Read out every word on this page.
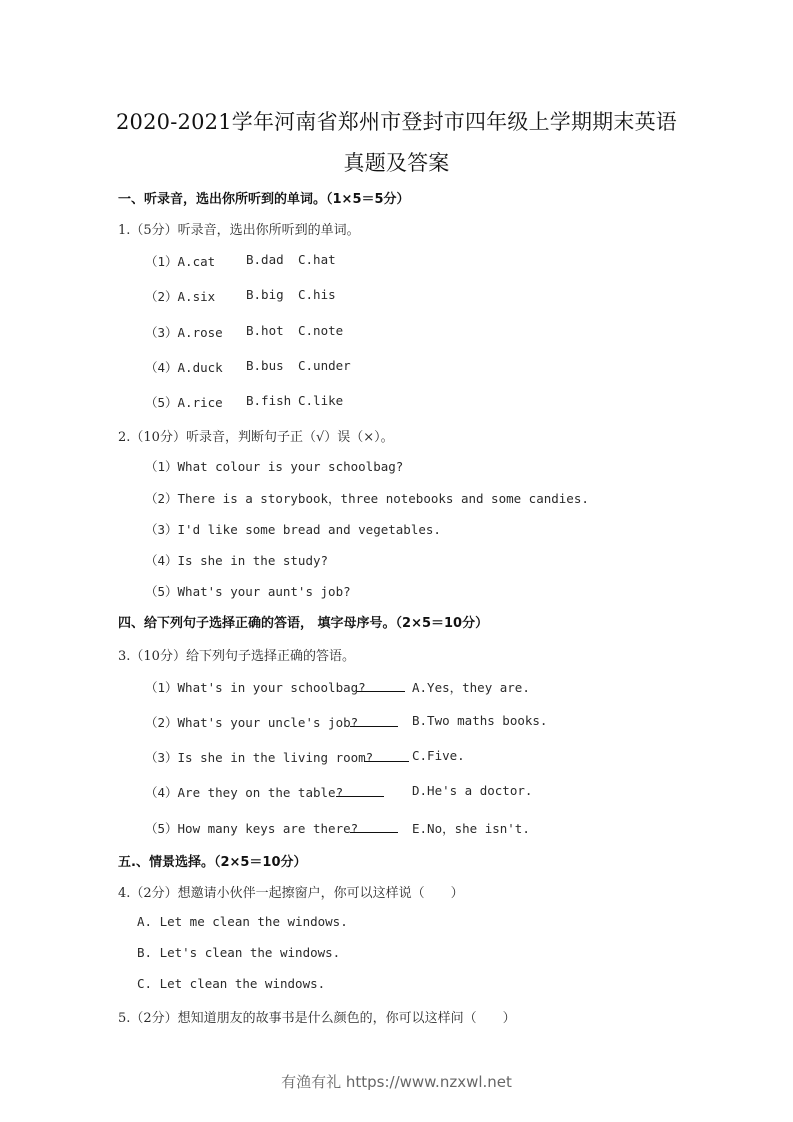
2020-2021学年河南省郑州市登封市四年级上学期期末英语
真题及答案
一、听录音，选出你所听到的单词。（1×5＝5分）
1.（5分）听录音，选出你所听到的单词。
（1）A.cat B.dad C.hat
（2）A.six B.big C.his
（3）A.rose B.hot C.note
（4）A.duck B.bus C.under
（5）A.rice B.fish C.like
2.（10分）听录音，判断句子正（√）误（×）。
（1）What colour is your schoolbag?
（2）There is a storybook，three notebooks and some candies.
（3）I'd like some bread and vegetables.
（4）Is she in the study?
（5）What's your aunt's job?
四、给下列句子选择正确的答语， 填字母序号。（2×5＝10分）
3.（10分）给下列句子选择正确的答语。
（1）What's in your schoolbag?	A.Yes，they are.
（2）What's your uncle's job?	B.Two maths books.
（3）Is she in the living room?	C.Five.
（4）Are they on the table?	D.He's a doctor.
（5）How many keys are there?	E.No，she isn't.
五.、情景选择。（2×5＝10分）
4.（2分）想邀请小伙伴一起擦窗户，你可以这样说（　　）
A. Let me clean the windows.
B. Let's clean the windows.
C. Let clean the windows.
5.（2分）想知道朋友的故事书是什么颜色的，你可以这样问（　　）
有渔有礼 https://www.nzxwl.net
